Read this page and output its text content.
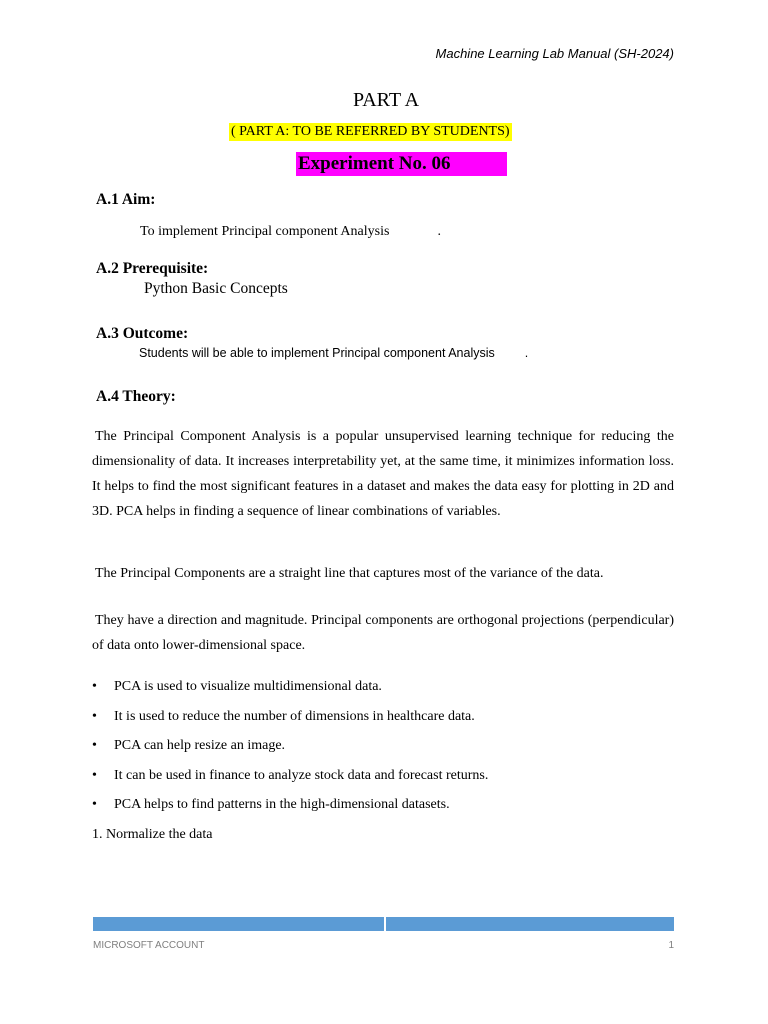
Machine Learning Lab Manual (SH-2024)
PART A
( PART A: TO BE REFERRED BY STUDENTS)
Experiment No. 06
A.1 Aim:
To implement Principal component Analysis	.
A.2 Prerequisite:
Python Basic Concepts
A.3 Outcome:
Students will be able to implement Principal component Analysis .
A.4 Theory:

The Principal Component Analysis is a popular unsupervised learning technique for reducing the dimensionality of data. It increases interpretability yet, at the same time, it minimizes information loss. It helps to find the most significant features in a dataset and makes the data easy for plotting in 2D and 3D. PCA helps in finding a sequence of linear combinations of variables.

The Principal Components are a straight line that captures most of the variance of the data.

They have a direction and magnitude. Principal components are orthogonal projections (perpendicular) of data onto lower-dimensional space.

• PCA is used to visualize multidimensional data.
• It is used to reduce the number of dimensions in healthcare data.
• PCA can help resize an image.
• It can be used in finance to analyze stock data and forecast returns.
• PCA helps to find patterns in the high-dimensional datasets.
1. Normalize the data
MICROSOFT ACCOUNT	1
